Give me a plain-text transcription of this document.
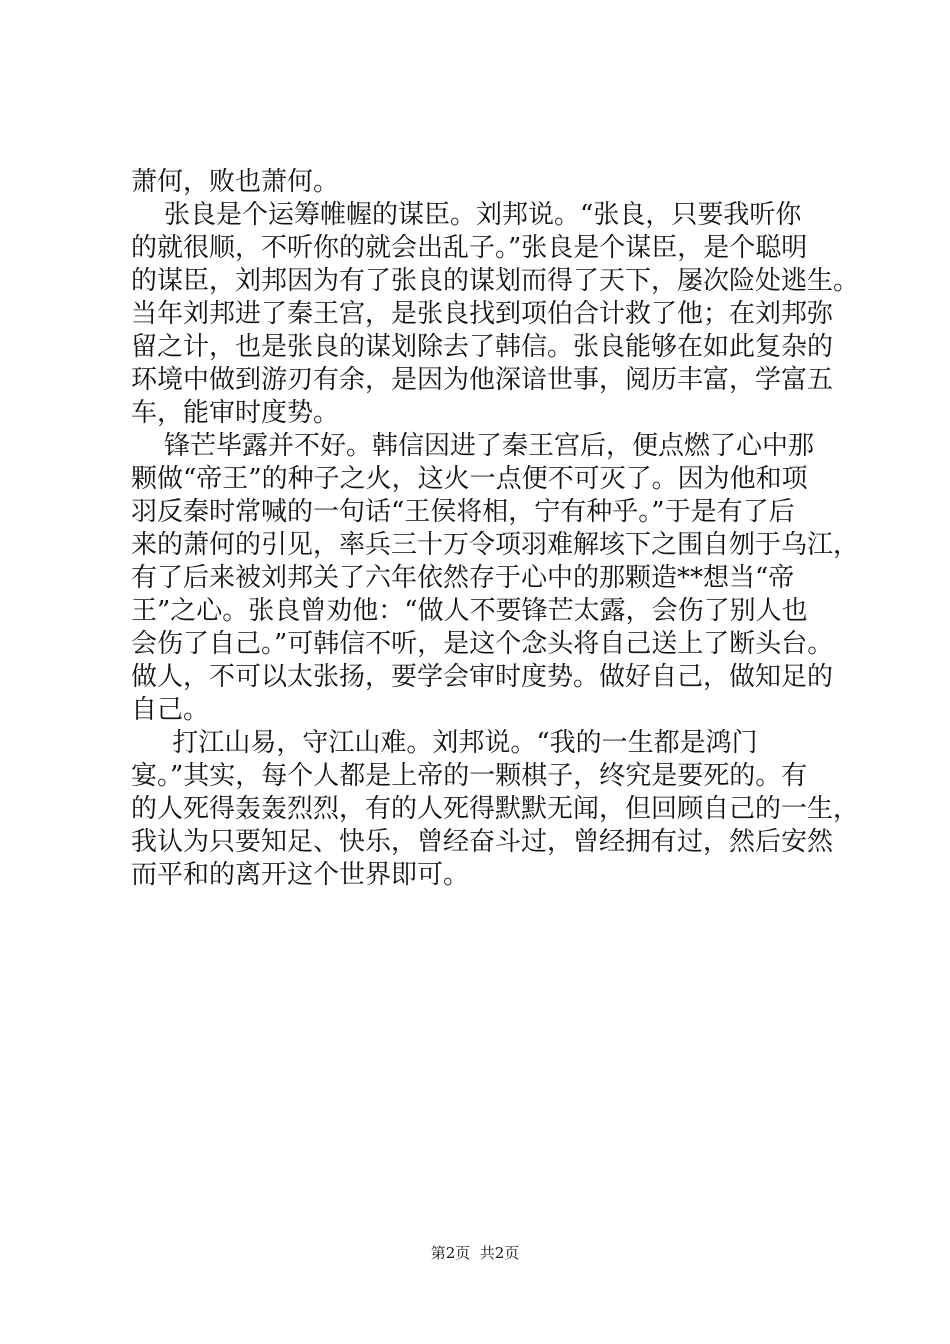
萧何，败也萧何。
张良是个运筹帷幄的谋臣。刘邦说。“张良，只要我听你
的就很顺，不听你的就会出乱子。”张良是个谋臣，是个聪明
的谋臣，刘邦因为有了张良的谋划而得了天下，屡次险处逃生。
当年刘邦进了秦王宫，是张良找到项伯合计救了他；在刘邦弥
留之计，也是张良的谋划除去了韩信。张良能够在如此复杂的
环境中做到游刃有余，是因为他深谙世事，阅历丰富，学富五
车，能审时度势。
锋芒毕露并不好。韩信因进了秦王宫后，便点燃了心中那
颗做“帝王”的种子之火，这火一点便不可灭了。因为他和项
羽反秦时常喊的一句话“王侯将相，宁有种乎。”于是有了后
来的萧何的引见，率兵三十万令项羽难解垓下之围自刎于乌江，
有了后来被刘邦关了六年依然存于心中的那颗造**想当“帝
王”之心。张良曾劝他：“做人不要锋芒太露，会伤了别人也
会伤了自己。”可韩信不听，是这个念头将自己送上了断头台。
做人，不可以太张扬，要学会审时度势。做好自己，做知足的
自己。
打江山易，守江山难。刘邦说。“我的一生都是鸿门
宴。”其实，每个人都是上帝的一颗棋子，终究是要死的。有
的人死得轰轰烈烈，有的人死得默默无闻，但回顾自己的一生，
我认为只要知足、快乐，曾经奋斗过，曾经拥有过，然后安然
而平和的离开这个世界即可。
第2页  共2页
